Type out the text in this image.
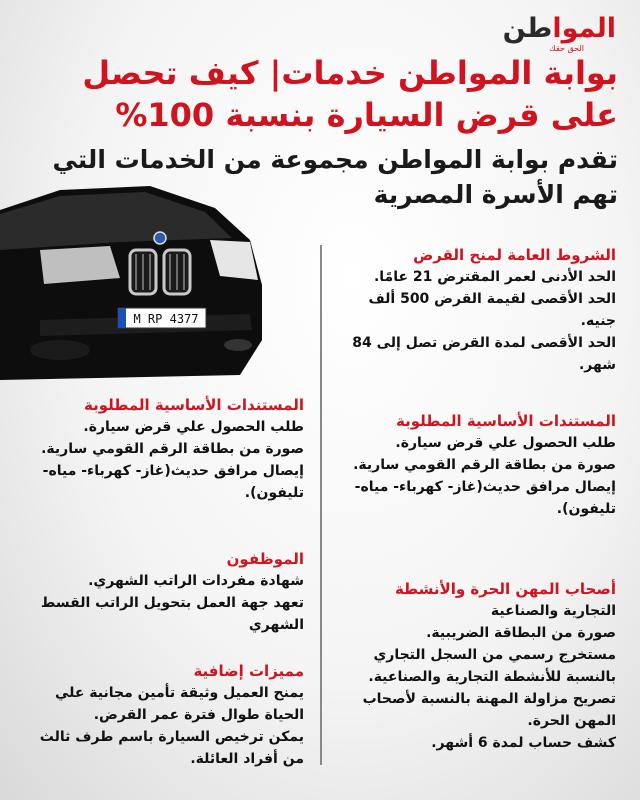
المواطن
الحق حقك
بوابة المواطن خدمات| كيف تحصل على قرض السيارة بنسبة 100%
تقدم بوابة المواطن مجموعة من الخدمات التي تهم الأسرة المصرية
M RP 4377
الشروط العامة لمنح القرض

الحد الأدنى لعمر المقترض 21 عامًا.

الحد الأقصى لقيمة القرض 500 ألف جنيه.

الحد الأقصى لمدة القرض تصل إلى 84 شهر.

المستندات الأساسية المطلوبة

طلب الحصول علي قرض سيارة.

صورة من بطاقة الرقم القومي سارية.

إيصال مرافق حديث(غاز- كهرباء- مياه- تليفون).

أصحاب المهن الحرة والأنشطة

التجارية والصناعية

صورة من البطاقة الضريبية.

مستخرج رسمي من السجل التجاري بالنسبة للأنشطة التجارية والصناعية.

تصريح مزاولة المهنة بالنسبة لأصحاب المهن الحرة.

كشف حساب لمدة 6 أشهر.

المستندات الأساسية المطلوبة

طلب الحصول علي قرض سيارة.

صورة من بطاقة الرقم القومي سارية.

إيصال مرافق حديث(غاز- كهرباء- مياه- تليفون).

الموظفون

شهادة مفردات الراتب الشهري.

تعهد جهة العمل بتحويل الراتب القسط الشهري

مميزات إضافية

يمنح العميل وثيقة تأمين مجانية علي الحياة طوال فترة عمر القرض.

يمكن ترخيص السيارة باسم طرف ثالث من أفراد العائلة.
